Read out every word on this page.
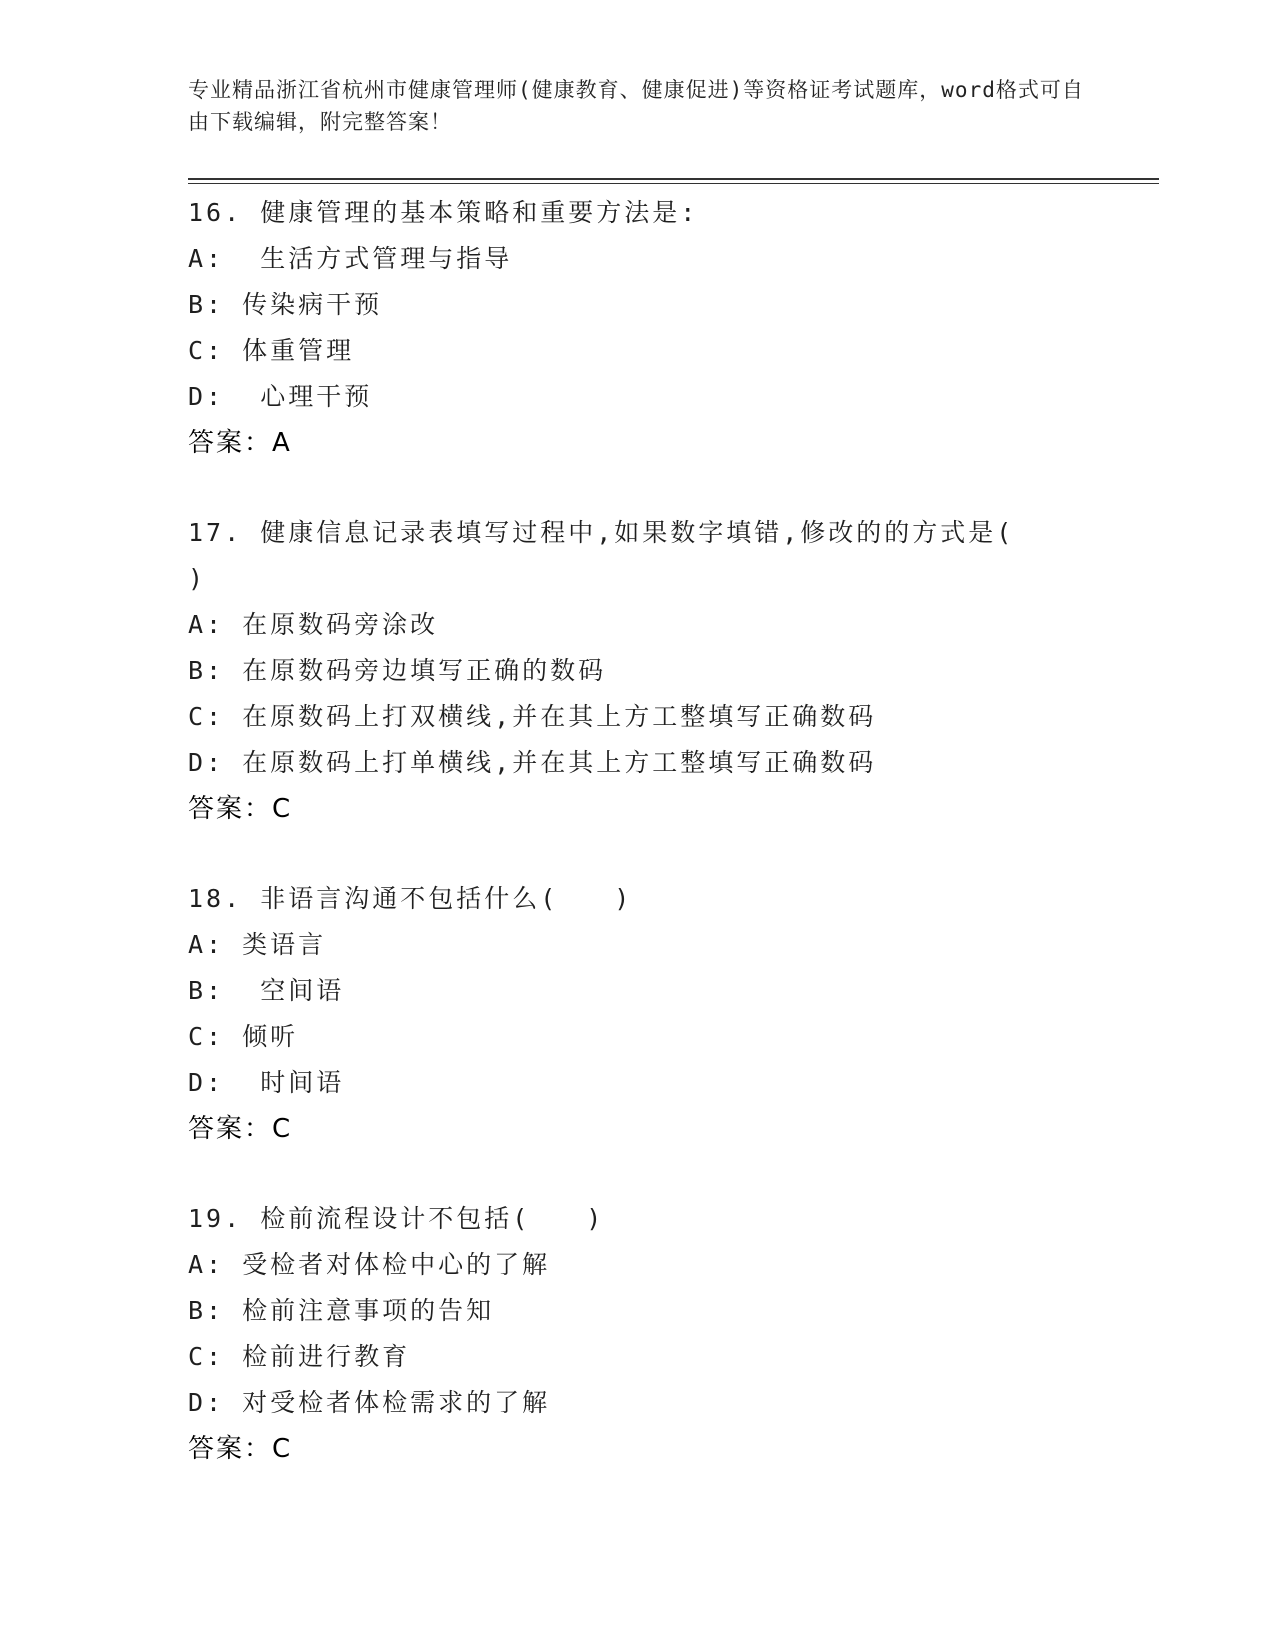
专业精品浙江省杭州市健康管理师(健康教育、健康促进)等资格证考试题库，word格式可自由下载编辑，附完整答案！
16. 健康管理的基本策略和重要方法是:
A:  生活方式管理与指导
B: 传染病干预
C: 体重管理
D:  心理干预
答案：A
17. 健康信息记录表填写过程中,如果数字填错,修改的的方式是( )
A: 在原数码旁涂改
B: 在原数码旁边填写正确的数码
C: 在原数码上打双横线,并在其上方工整填写正确数码
D: 在原数码上打单横线,并在其上方工整填写正确数码
答案：C
18. 非语言沟通不包括什么(　　)
A: 类语言
B:  空间语
C: 倾听
D:  时间语
答案：C
19. 检前流程设计不包括(　　)
A: 受检者对体检中心的了解
B: 检前注意事项的告知
C: 检前进行教育
D: 对受检者体检需求的了解
答案：C
